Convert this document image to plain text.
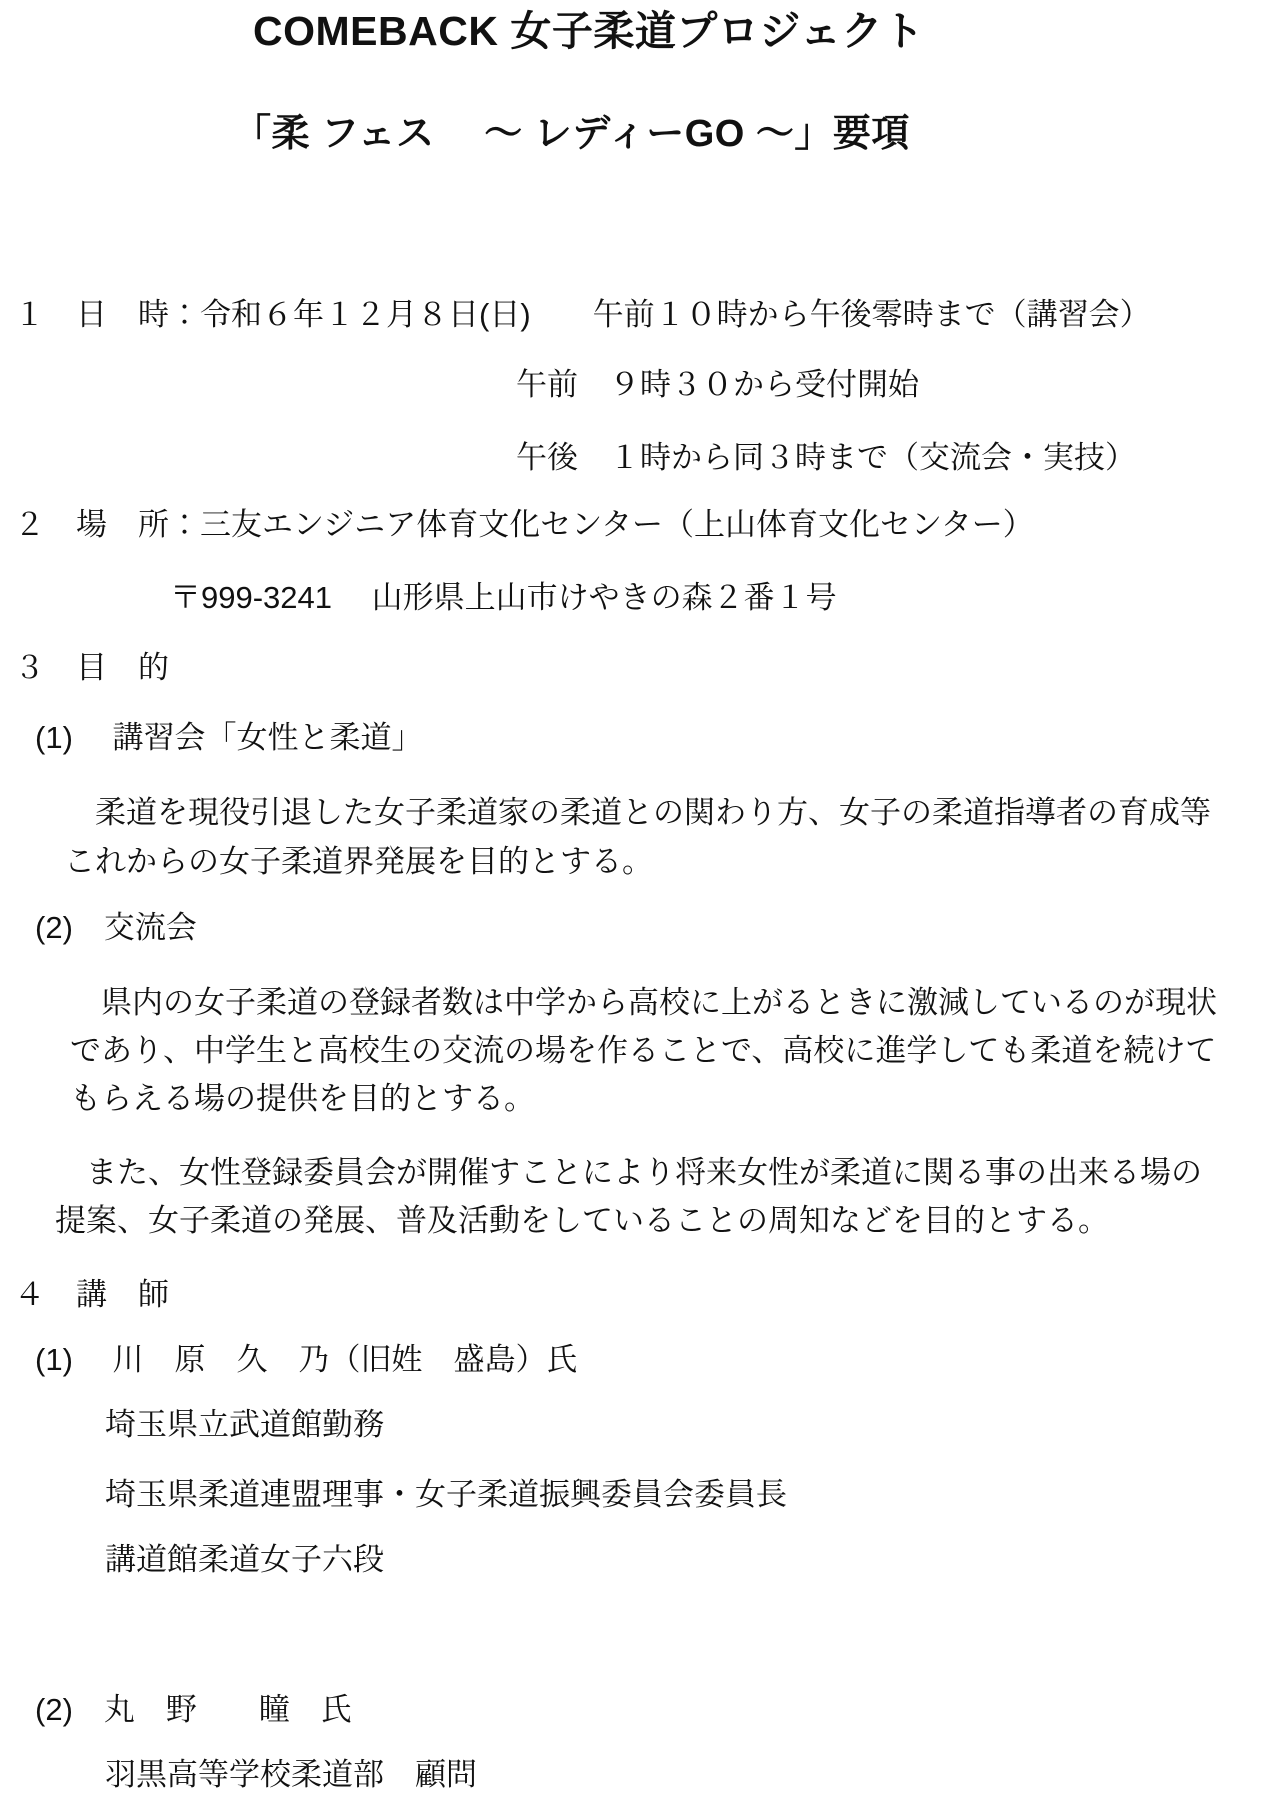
COMEBACK 女子柔道プロジェクト
「柔 フェス　 ～ レディーGO ～」要項
１　日　時：令和６年１２月８日(日)　　午前１０時から午後零時まで（講習会）
午前　９時３０から受付開始
午後　１時から同３時まで（交流会・実技）
２　場　所：三友エンジニア体育文化センター（上山体育文化センター）
〒999-3241　 山形県上山市けやきの森２番１号
３　目　的
(1)　 講習会「女性と柔道」
柔道を現役引退した女子柔道家の柔道との関わり方、女子の柔道指導者の育成等これからの女子柔道界発展を目的とする。
(2)　交流会
県内の女子柔道の登録者数は中学から高校に上がるときに激減しているのが現状であり、中学生と高校生の交流の場を作ることで、高校に進学しても柔道を続けてもらえる場の提供を目的とする。
また、女性登録委員会が開催すことにより将来女性が柔道に関る事の出来る場の提案、女子柔道の発展、普及活動をしていることの周知などを目的とする。
４　講　師
(1)　 川　原　久　乃（旧姓　盛島）氏
埼玉県立武道館勤務
埼玉県柔道連盟理事・女子柔道振興委員会委員長
講道館柔道女子六段
(2)　丸　野　　瞳　氏
羽黒高等学校柔道部　顧問
